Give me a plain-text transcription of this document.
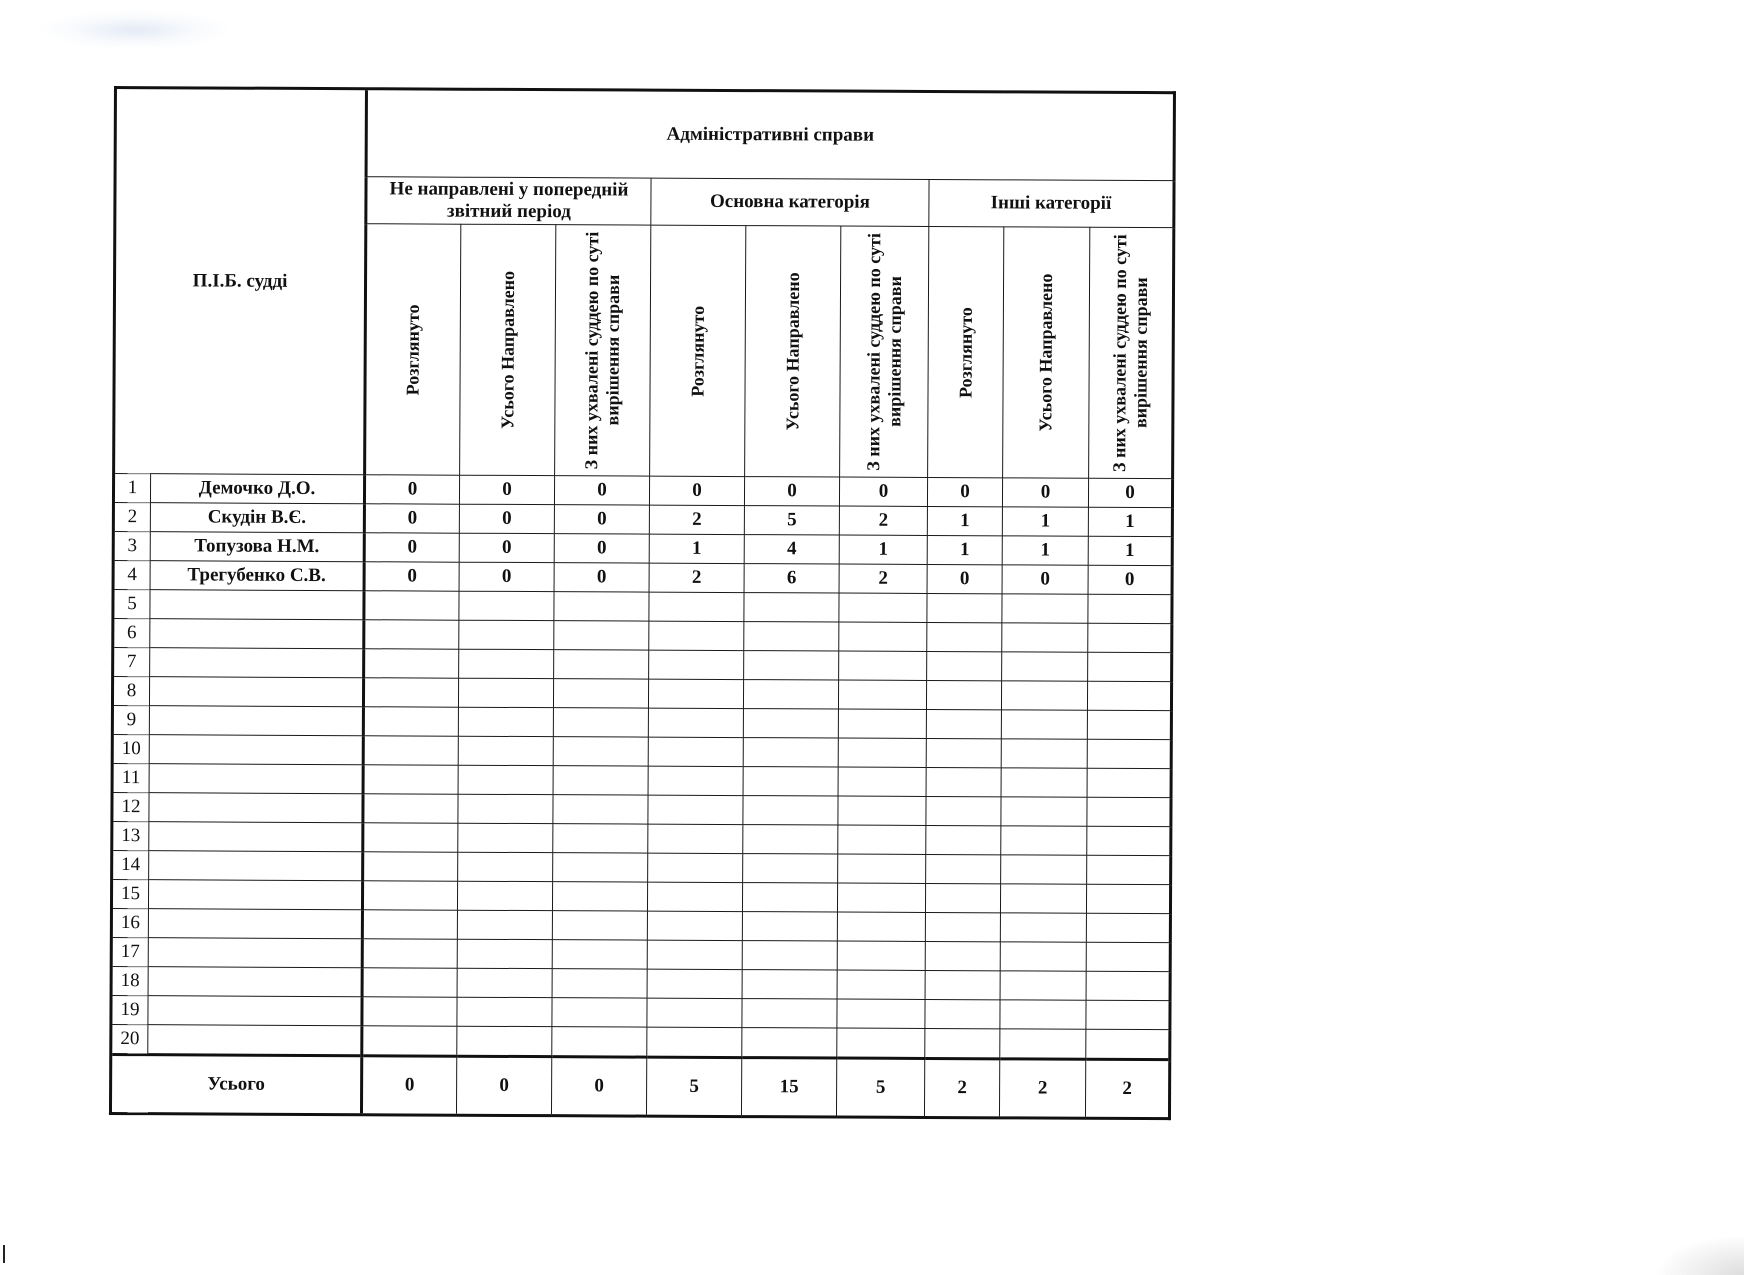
П.І.Б. судді		Адміністративні справи								
		Не направлені у попередній звітний період			Основна категорія			Інші категорії		

		Розглянуто	Усього Направлено	З них ухвалені суддею по суті вирішення справи	Розглянуто	Усього Направлено	З них ухвалені суддею по суті вирішення справи	Розглянуто	Усього Направлено	З них ухвалені суддею по суті вирішення справи

1	Демочко Д.О.	0	0	0	0	0	0	0	0	0
2	Скудін В.Є.	0	0	0	2	5	2	1	1	1
3	Топузова Н.М.	0	0	0	1	4	1	1	1	1
4	Трегубенко С.В.	0	0	0	2	6	2	0	0	0
5										
6										
7										
8										
9										
10										
11										
12										
13										
14										
15										
16										
17										
18										
19										
20										
Усього		0	0	0	5	15	5	2	2	2
